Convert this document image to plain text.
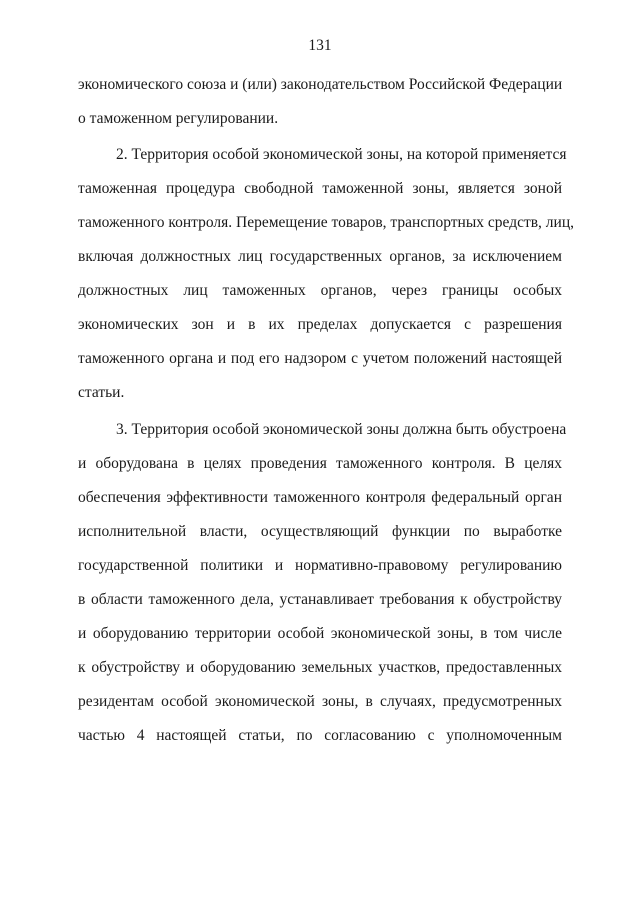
131
экономического союза и (или) законодательством Российской Федерации
о таможенном регулировании.
2. Территория особой экономической зоны, на которой применяется
таможенная процедура свободной таможенной зоны, является зоной
таможенного контроля. Перемещение товаров, транспортных средств, лиц,
включая должностных лиц государственных органов, за исключением
должностных лиц таможенных органов, через границы особых
экономических зон и в их пределах допускается с разрешения
таможенного органа и под его надзором с учетом положений настоящей
статьи.
3. Территория особой экономической зоны должна быть обустроена
и оборудована в целях проведения таможенного контроля. В целях
обеспечения эффективности таможенного контроля федеральный орган
исполнительной власти, осуществляющий функции по выработке
государственной политики и нормативно-правовому регулированию
в области таможенного дела, устанавливает требования к обустройству
и оборудованию территории особой экономической зоны, в том числе
к обустройству и оборудованию земельных участков, предоставленных
резидентам особой экономической зоны, в случаях, предусмотренных
частью 4 настоящей статьи, по согласованию с уполномоченным
